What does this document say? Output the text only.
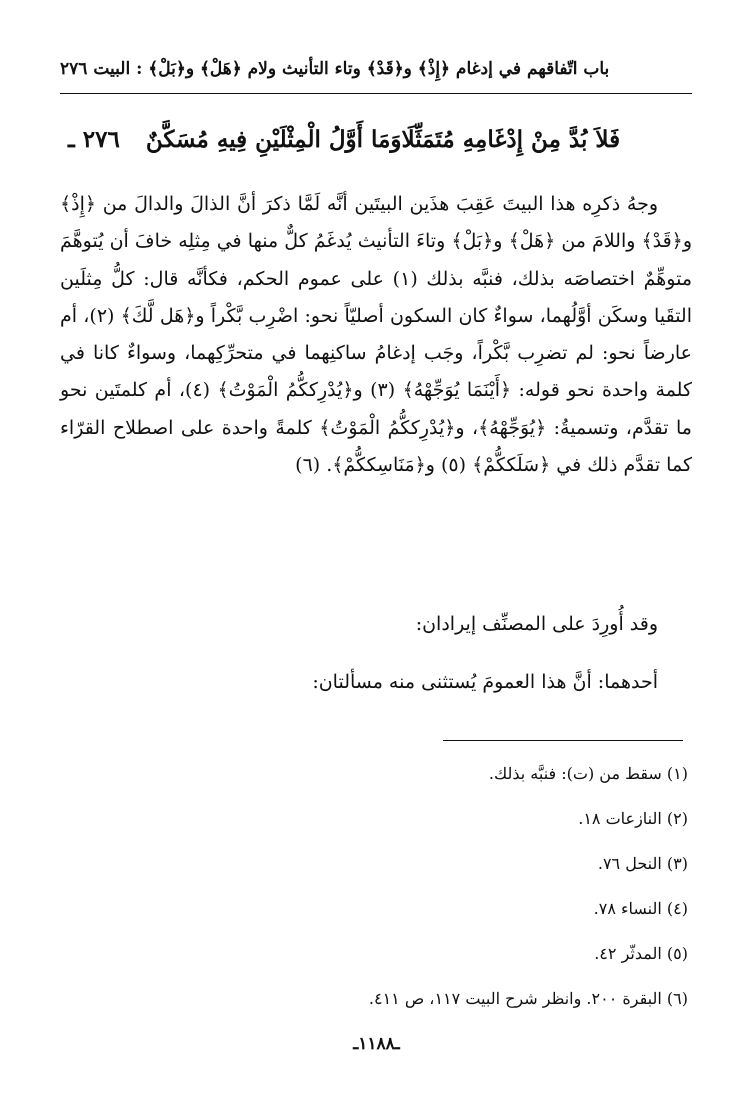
باب اتّفاقهم في إدغام ﴿إِذْ﴾ و﴿قَدْ﴾ وتاء التأنيث ولام ﴿هَلْ﴾ و﴿بَلْ﴾ : البيت ٢٧٦
٢٧٦ ـ وَمَا أَوَّلُ الْمِثْلَيْنِ فِيهِ مُسَكَّنٌ فَلاَ بُدَّ مِنْ إِدْغَامِهِ مُتَمَثِّلَا

وجهُ ذكرِه هذا البيتَ عَقِبَ هذَين البيتَين أنَّه لَمَّا ذكرَ أنَّ الذالَ والدالَ من ﴿إِذْ﴾ و﴿قَدْ﴾ واللامَ من ﴿هَلْ﴾ و﴿بَلْ﴾ وتاءَ التأنيث يُدغَمُ كلٌّ منها في مِثلِه خافَ أن يُتوهَّمَ متوهِّمٌ اختصاصَه بذلك، فنبَّه بذلك (١) على عموم الحكم، فكأنَّه قال: كلُّ مِثلَين التقَيا وسكَن أوَّلُهما، سواءٌ كان السكون أصليّاً نحو: اضْرِب بَّكْراً و﴿هَل لَّكَ﴾ (٢)، أم عارضاً نحو: لم تضرِب بَّكْراً، وجَب إدغامُ ساكنِهما في متحرِّكِهما، وسواءٌ كانا في كلمة واحدة نحو قوله: ﴿أَيْنَمَا يُوَجِّهْهُ﴾ (٣) و﴿يُدْرِككُّمُ الْمَوْتُ﴾ (٤)، أم كلمتَين نحو ما تقدَّم، وتسميةُ: ﴿يُوَجِّهْهُ﴾، و﴿يُدْرِككُّمُ الْمَوْتُ﴾ كلمةً واحدة على اصطلاح القرّاء كما تقدَّم ذلك في ﴿سَلَككُّمْ﴾ (٥) و﴿مَنَاسِككُّمْ﴾. (٦)

وقد أُورِدَ على المصنِّف إيرادان:
أحدهما: أنَّ هذا العمومَ يُستثنى منه مسألتان:
(١) سقط من (ت): فنبَّه بذلك.
(٢) النازعات ١٨.
(٣) النحل ٧٦.
(٤) النساء ٧٨.
(٥) المدثّر ٤٢.
(٦) البقرة ٢٠٠. وانظر شرح البيت ١١٧، ص ٤١١.
ـ١١٨٨ـ
